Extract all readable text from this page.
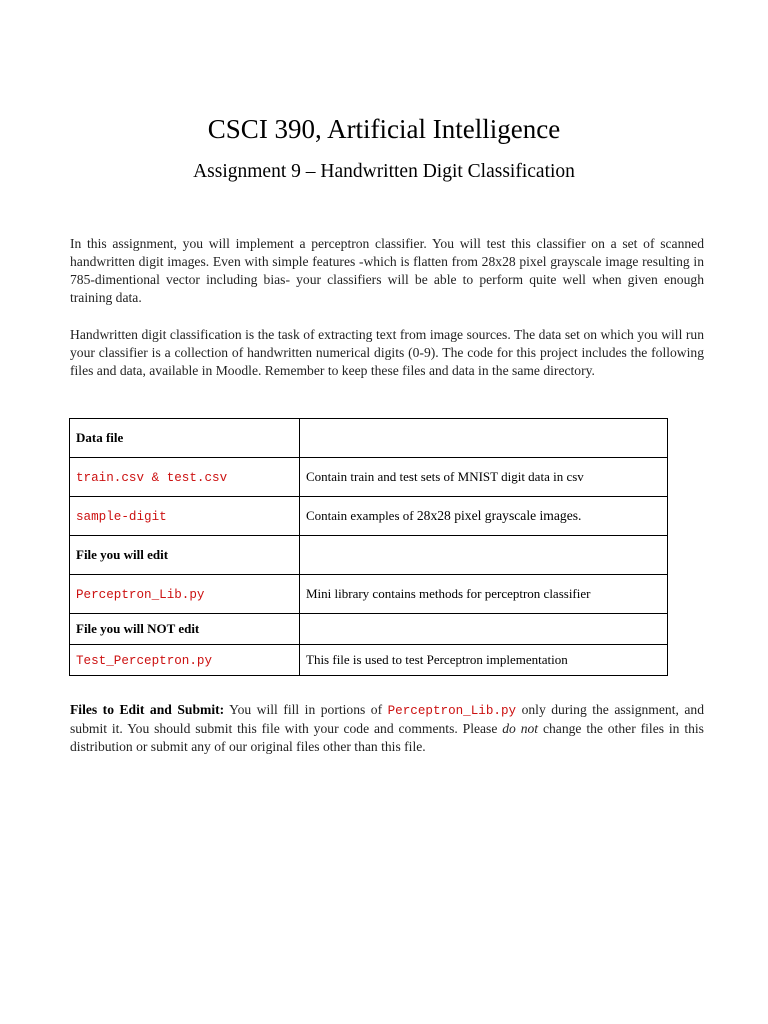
CSCI 390, Artificial Intelligence
Assignment 9 – Handwritten Digit Classification

In this assignment, you will implement a perceptron classifier. You will test this classifier on a set of scanned handwritten digit images. Even with simple features -which is flatten from 28x28 pixel grayscale image resulting in 785-dimentional vector including bias- your classifiers will be able to perform quite well when given enough training data.

Handwritten digit classification is the task of extracting text from image sources. The data set on which you will run your classifier is a collection of handwritten numerical digits (0-9). The code for this project includes the following files and data, available in Moodle. Remember to keep these files and data in the same directory.

Data file	
train.csv & test.csv	Contain train and test sets of MNIST digit data in csv
sample-digit	Contain examples of 28x28 pixel grayscale images.
File you will edit	
Perceptron_Lib.py	Mini library contains methods for perceptron classifier
File you will NOT edit	
Test_Perceptron.py	This file is used to test Perceptron implementation

Files to Edit and Submit: You will fill in portions of Perceptron_Lib.py only during the assignment, and submit it. You should submit this file with your code and comments. Please do not change the other files in this distribution or submit any of our original files other than this file.
